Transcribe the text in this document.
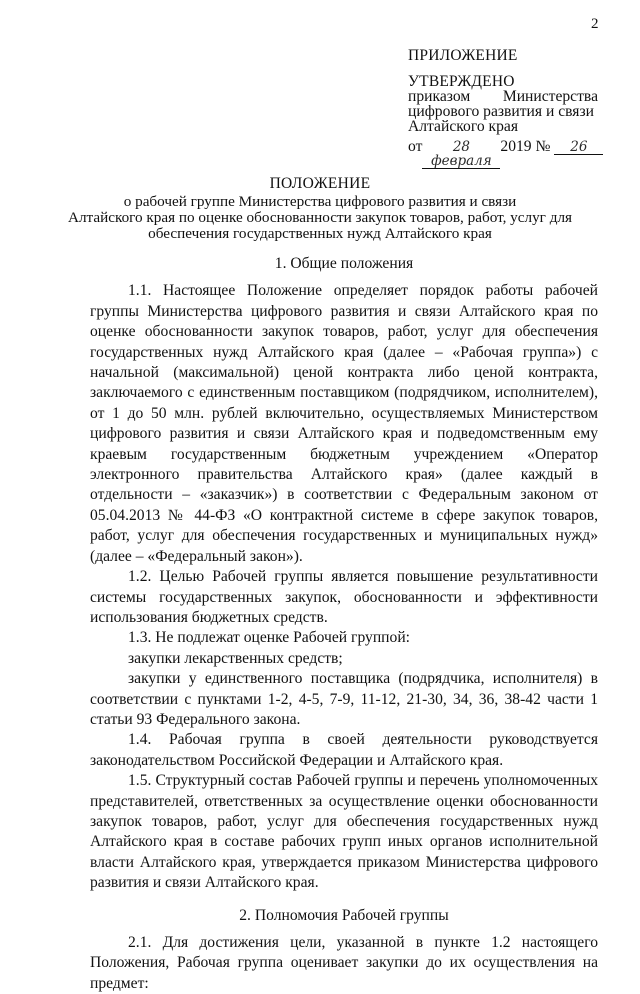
2
ПРИЛОЖЕНИЕ
УТВЕРЖДЕНО
приказом Министерства
цифрового развития и связи
Алтайского края
от	28 февраля
2019
№	26
ПОЛОЖЕНИЕ
о рабочей группе Министерства цифрового развития и связи
Алтайского края по оценке обоснованности закупок товаров, работ, услуг для
обеспечения государственных нужд Алтайского края
1. Общие положения

1.1. Настоящее Положение определяет порядок работы рабочей группы Министерства цифрового развития и связи Алтайского края по оценке обоснованности закупок товаров, работ, услуг для обеспечения государственных нужд Алтайского края (далее – «Рабочая группа») с начальной (максимальной) ценой контракта либо ценой контракта, заключаемого с единственным поставщиком (подрядчиком, исполнителем), от 1 до 50 млн. рублей включительно, осуществляемых Министерством цифрового развития и связи Алтайского края и подведомственным ему краевым государственным бюджетным учреждением «Оператор электронного правительства Алтайского края» (далее каждый в отдельности – «заказчик») в соответствии с Федеральным законом от 05.04.2013 № 44-ФЗ «О контрактной системе в сфере закупок товаров, работ, услуг для обеспечения государственных и муниципальных нужд» (далее – «Федеральный закон»).

1.2. Целью Рабочей группы является повышение результативности системы государственных закупок, обоснованности и эффективности использования бюджетных средств.

1.3. Не подлежат оценке Рабочей группой:

закупки лекарственных средств;

закупки у единственного поставщика (подрядчика, исполнителя) в соответствии с пунктами 1-2, 4-5, 7-9, 11-12, 21-30, 34, 36, 38-42 части 1 статьи 93 Федерального закона.

1.4. Рабочая группа в своей деятельности руководствуется законодательством Российской Федерации и Алтайского края.

1.5. Структурный состав Рабочей группы и перечень уполномоченных представителей, ответственных за осуществление оценки обоснованности закупок товаров, работ, услуг для обеспечения государственных нужд Алтайского края в составе рабочих групп иных органов исполнительной власти Алтайского края, утверждается приказом Министерства цифрового развития и связи Алтайского края.

2. Полномочия Рабочей группы

2.1. Для достижения цели, указанной в пункте 1.2 настоящего Положения, Рабочая группа оценивает закупки до их осуществления на предмет:
